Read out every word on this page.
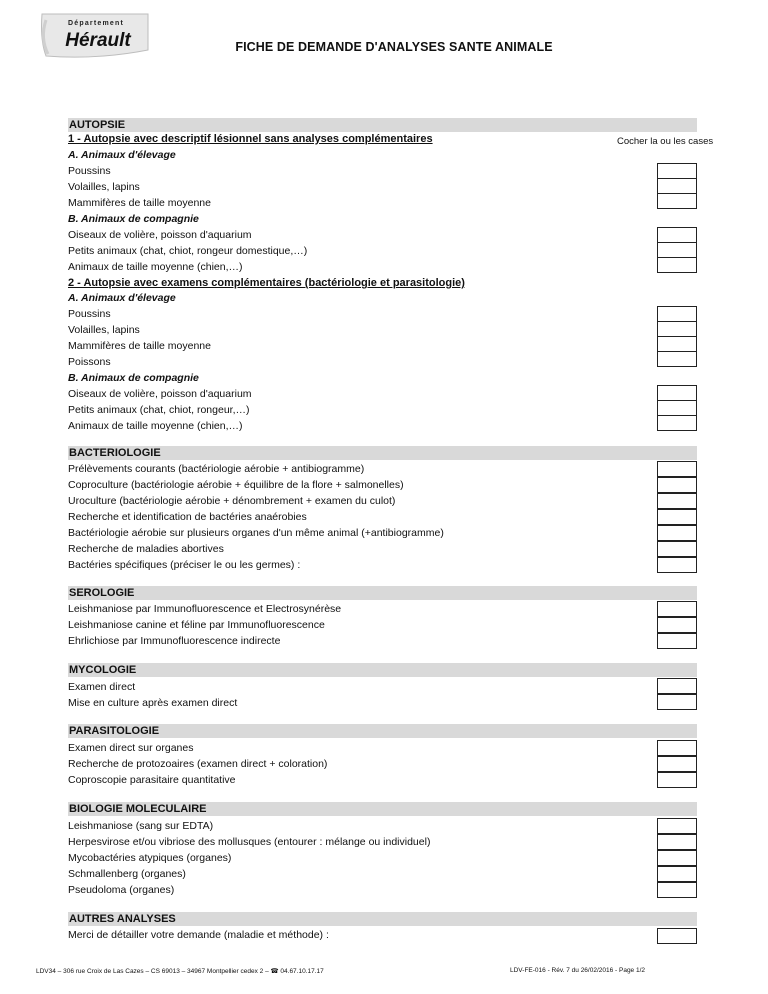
Département
Hérault	FICHE DE DEMANDE D'ANALYSES SANTE ANIMALE
Cocher la ou les cases
AUTOPSIE
1 - Autopsie avec descriptif lésionnel sans analyses complémentaires
A. Animaux d'élevage
Poussins
Volailles, lapins
Mammifères de taille moyenne
B. Animaux de compagnie
Oiseaux de volière, poisson d'aquarium
Petits animaux (chat, chiot, rongeur domestique,…)
Animaux de taille moyenne (chien,…)
2 - Autopsie avec examens complémentaires (bactériologie et parasitologie)
A. Animaux d'élevage
Poussins
Volailles, lapins
Mammifères de taille moyenne
Poissons
B. Animaux de compagnie
Oiseaux de volière, poisson d'aquarium
Petits animaux (chat, chiot, rongeur,…)
Animaux de taille moyenne (chien,…)
BACTERIOLOGIE
Prélèvements courants (bactériologie aérobie + antibiogramme)
Coproculture (bactériologie aérobie + équilibre de la flore + salmonelles)
Uroculture (bactériologie aérobie + dénombrement + examen du culot)
Recherche et identification de bactéries anaérobies
Bactériologie aérobie sur plusieurs organes d'un même animal (+antibiogramme)
Recherche de maladies abortives
Bactéries spécifiques (préciser le ou les germes) :
SEROLOGIE
Leishmaniose par Immunofluorescence et Electrosynérèse
Leishmaniose canine et féline par Immunofluorescence
Ehrlichiose par Immunofluorescence indirecte
MYCOLOGIE
Examen direct
Mise en culture après examen direct
PARASITOLOGIE
Examen direct sur organes
Recherche de protozoaires (examen direct + coloration)
Coproscopie parasitaire quantitative
BIOLOGIE MOLECULAIRE
Leishmaniose (sang sur EDTA)
Herpesvirose et/ou vibriose des mollusques (entourer : mélange ou individuel)
Mycobactéries atypiques (organes)
Schmallenberg (organes)
Pseudoloma (organes)
AUTRES ANALYSES
Merci de détailler votre demande (maladie et méthode) :
LDV34 – 306 rue Croix de Las Cazes – CS 69013 – 34967 Montpellier cedex 2 – ☎ 04.67.10.17.17	LDV-FE-016 - Rév. 7 du 26/02/2016 - Page 1/2
